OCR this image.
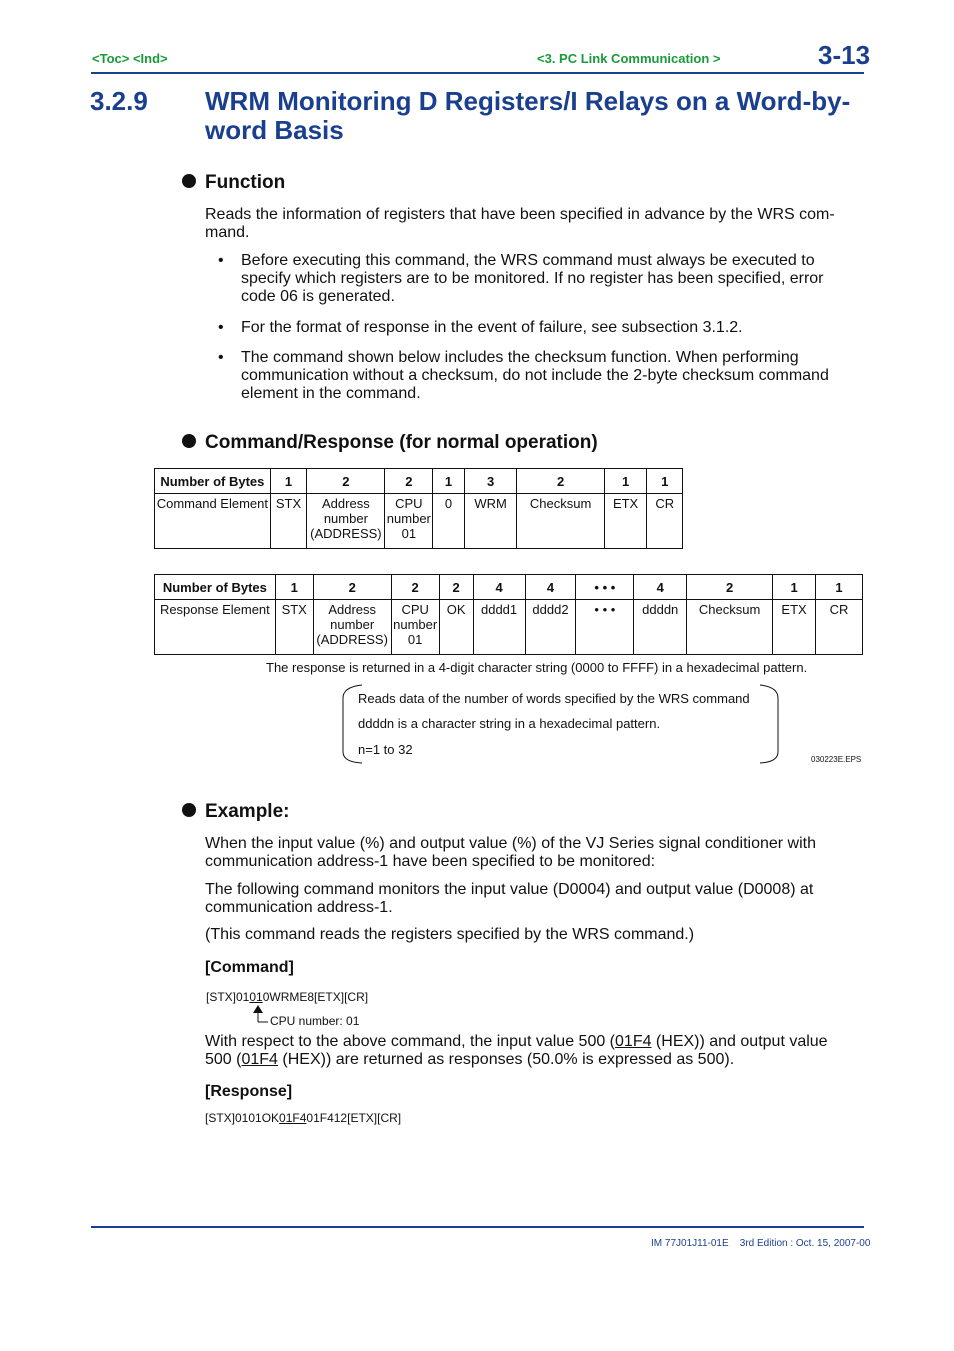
<Toc> <Ind>	<3. PC Link Communication >	3-13
3.2.9 WRM Monitoring D Registers/I Relays on a Word-by-word Basis
Function
Reads the information of registers that have been specified in advance by the WRS com-mand.
• Before executing this command, the WRS command must always be executed to specify which registers are to be monitored. If no register has been specified, error code 06 is generated.
• For the format of response in the event of failure, see subsection 3.1.2.
• The command shown below includes the checksum function. When performing communication without a checksum, do not include the 2-byte checksum command element in the command.
Command/Response (for normal operation)
Number of Bytes	1	2	2	1	3	2	1	1
Command Element	STX	Address number (ADDRESS)	CPU number 01	0	WRM	Checksum	ETX	CR
Number of Bytes	1	2	2	2	4	4	• • •	4	2	1	1
Response Element	STX	Address number (ADDRESS)	CPU number 01	OK	dddd1	dddd2	• • •	ddddn	Checksum	ETX	CR
The response is returned in a 4-digit character string (0000 to FFFF) in a hexadecimal pattern.
Reads data of the number of words specified by the WRS command
ddddn is a character string in a hexadecimal pattern.
n=1 to 32
030223E.EPS
Example:
When the input value (%) and output value (%) of the VJ Series signal conditioner with communication address-1 have been specified to be monitored:
The following command monitors the input value (D0004) and output value (D0008) at communication address-1.
(This command reads the registers specified by the WRS command.)
[Command]
[STX]01010WRME8[ETX][CR]
CPU number: 01
With respect to the above command, the input value 500 (01F4 (HEX)) and output value 500 (01F4 (HEX)) are returned as responses (50.0% is expressed as 500).
[Response]
[STX]0101OK01F401F412[ETX][CR]
IM 77J01J11-01E 3rd Edition : Oct. 15, 2007-00
